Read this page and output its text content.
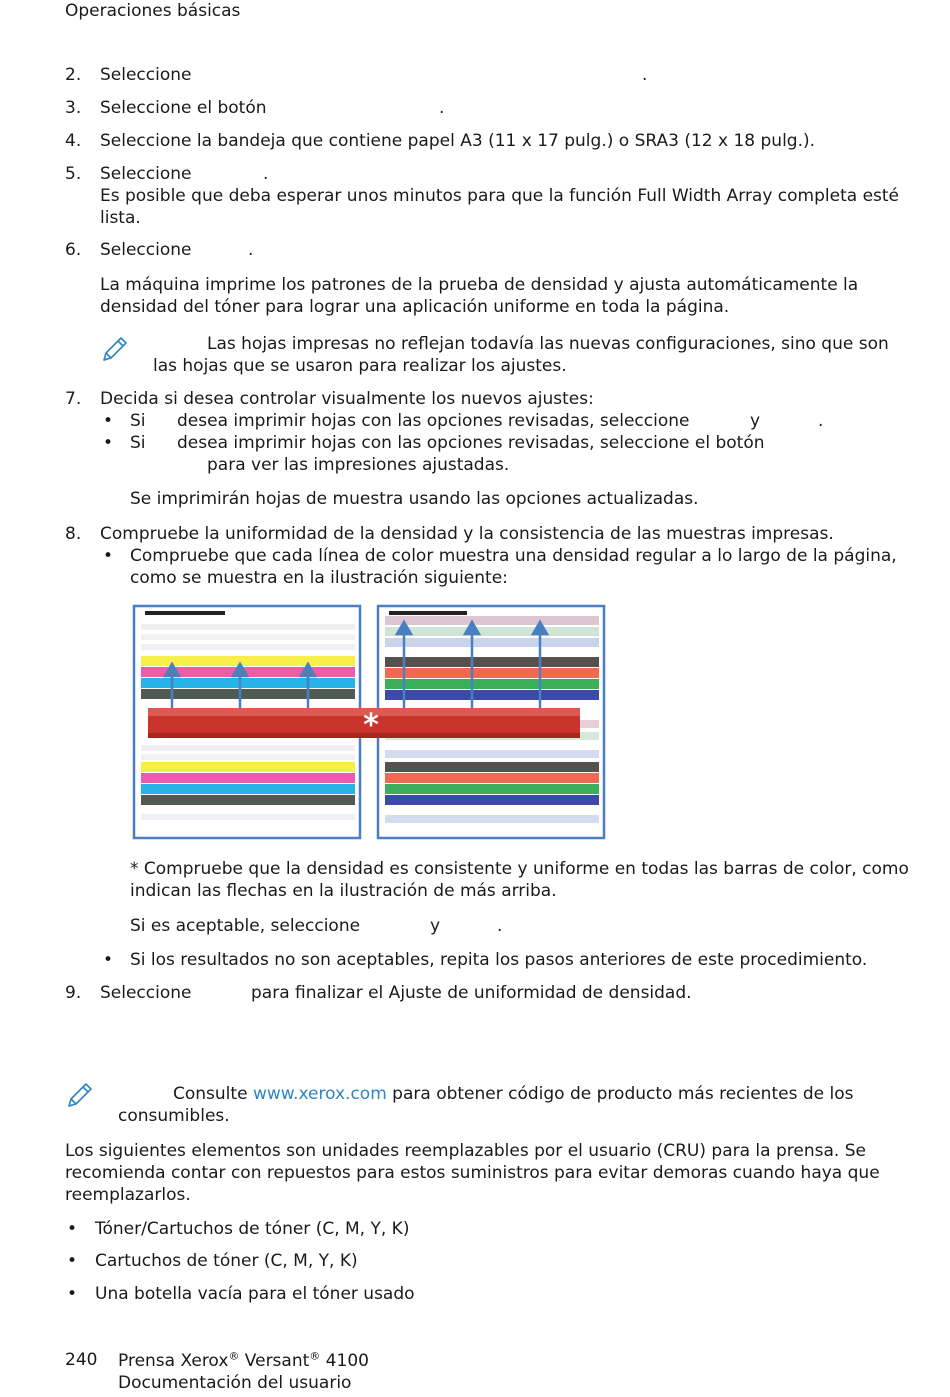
Operaciones básicas
2. Seleccione	.
3. Seleccione el botón	.
4. Seleccione la bandeja que contiene papel A3 (11 x 17 pulg.) o SRA3 (12 x 18 pulg.).
5. Seleccione	.
Es posible que deba esperar unos minutos para que la función Full Width Array completa esté
lista.
6. Seleccione	.
La máquina imprime los patrones de la prueba de densidad y ajusta automáticamente la
densidad del tóner para lograr una aplicación uniforme en toda la página.
Las hojas impresas no reflejan todavía las nuevas configuraciones, sino que son
las hojas que se usaron para realizar los ajustes.
7. Decida si desea controlar visualmente los nuevos ajustes:
• Si desea imprimir hojas con las opciones revisadas, seleccione	y	.
• Si desea imprimir hojas con las opciones revisadas, seleccione el botón
para ver las impresiones ajustadas.
Se imprimirán hojas de muestra usando las opciones actualizadas.
8. Compruebe la uniformidad de la densidad y la consistencia de las muestras impresas.
• Compruebe que cada línea de color muestra una densidad regular a lo largo de la página,
como se muestra en la ilustración siguiente:
*
* Compruebe que la densidad es consistente y uniforme en todas las barras de color, como
indican las flechas en la ilustración de más arriba.
Si es aceptable, seleccione	y	.
• Si los resultados no son aceptables, repita los pasos anteriores de este procedimiento.
9. Seleccione	para finalizar el Ajuste de uniformidad de densidad.
Consulte www.xerox.com para obtener código de producto más recientes de los
consumibles.
Los siguientes elementos son unidades reemplazables por el usuario (CRU) para la prensa. Se
recomienda contar con repuestos para estos suministros para evitar demoras cuando haya que
reemplazarlos.
• Tóner/Cartuchos de tóner (C, M, Y, K)
• Cartuchos de tóner (C, M, Y, K)
• Una botella vacía para el tóner usado
240 Prensa Xerox® Versant® 4100
Documentación del usuario
